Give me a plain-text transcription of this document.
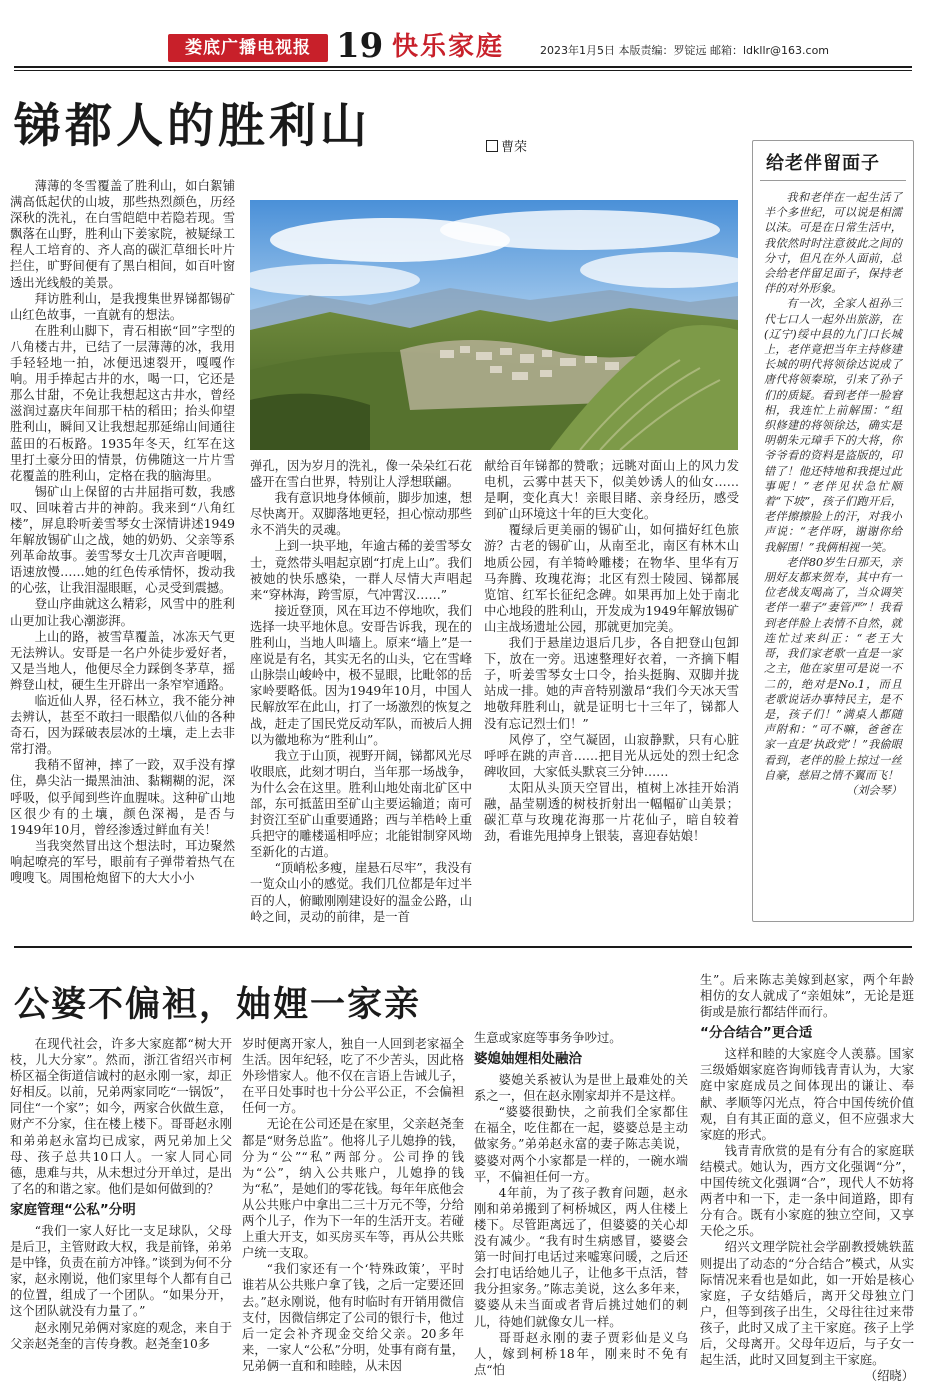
娄底广播电视报 19 快乐家庭	2023年1月5日 本版责编：罗锭远 邮箱：ldkllr@163.com
锑都人的胜利山	曹荣

薄薄的冬雪覆盖了胜利山，如白絮铺满高低起伏的山坡，那些热烈颜色，历经深秋的洗礼，在白雪皑皑中若隐若现。雪飘落在山野，胜利山下姜家院，被疑绿工程人工培育的、齐人高的碳汇草细长叶片拦住，旷野间便有了黑白相间，如百叶窗透出光线般的美景。

拜访胜利山，是我搜集世界锑都锡矿山红色故事，一直就有的想法。

在胜利山脚下，青石相嵌“回”字型的八角楼古井，已结了一层薄薄的冰，我用手轻轻地一拍，冰便迅速裂开，嘎嘎作响。用手捧起古井的水，喝一口，它还是那么甘甜，不免让我想起这古井水，曾经滋润过嘉庆年间那干枯的稻田；抬头仰望胜利山，瞬间又让我想起那延绵山间通往蓝田的石板路。1935年冬天，红军在这里打土豪分田的情景，仿佛随这一片片雪花覆盖的胜利山，定格在我的脑海里。

锡矿山上保留的古井屈指可数，我感叹、回味着古井的神韵。我来到“八角红楼”，屏息聆听姜雪琴女士深情讲述1949年解放锡矿山之战，她的奶奶、父亲等系列革命故事。姜雪琴女士几次声音哽咽，语速放慢……她的红色传承情怀，拨动我的心弦，让我泪湿眼眶，心灵受到震撼。

登山序曲就这么精彩，风雪中的胜利山更加让我心潮澎湃。

上山的路，被雪草覆盖，冰冻天气更无法辨认。安哥是一名户外徒步爱好者，又是当地人，他便尽全力踩倒冬茅草，摇辫登山杖，硬生生开辟出一条窄窄通路。

临近仙人界，径石林立，我不能分神去辨认，甚至不敢扫一眼酷似八仙的各种奇石，因为踩破表层冰的土壤，走上去非常打滑。

我稍不留神，摔了一跤，双手没有撑住，鼻尖沾一撮黑油油、黏糊糊的泥，深呼吸，似乎闻到些许血腥味。这种矿山地区很少有的土壤，颜色深褐，是否与1949年10月，曾经渗透过鲜血有关！

当我突然冒出这个想法时，耳边聚然响起嘹亮的军号，眼前有子弹带着热气在嗖嗖飞。周围枪炮留下的大大小小

弹孔，因为岁月的洗礼，像一朵朵红石花盛开在雪白世界，特别让人浮想联翩。

我有意识地身体倾前，脚步加速，想尽快离开。双脚落地更轻，担心惊动那些永不消失的灵魂。

上到一块平地，年逾古稀的姜雪琴女士，竟然带头唱起京剧“打虎上山”。我们被她的快乐感染，一群人尽情大声唱起来“穿林海，跨雪原，气冲霄汉……”

接近登顶，风在耳边不停地吹，我们选择一块平地休息。安哥告诉我，现在的胜利山，当地人叫墙上。原来“墙上”是一座说是有名，其实无名的山头，它在雪峰山脉崇山峻岭中，极不显眼，比毗邻的岳家岭要略低。因为1949年10月，中国人民解放军在此山，打了一场激烈的恢复之战，赶走了国民党反动军队，而被后人拥以为徽地称为“胜利山”。

我立于山顶，视野开阔，锑都风光尽收眼底，此刻才明白，当年那一场战争，为什么会在这里。胜利山地处南北矿区中部，东可抵蓝田至矿山主要运输道；南可封资江至矿山重要通路；西与羊梏岭上重兵把守的雕楼遥相呼应；北能钳制穿风坳至新化的古道。

“顶峭松多瘦，崖悬石尽牢”，我没有一览众山小的感觉。我们几位都是年过半百的人，俯瞰刚刚建设好的温金公路，山岭之间，灵动的前律，是一首

献给百年锑都的赞歌；远眺对面山上的风力发电机，云雾中甚天下，似美妙诱人的仙女……是啊，变化真大！亲眼目睹、亲身经历，感受到矿山环境这十年的巨大变化。

覆绿后更美丽的锡矿山，如何描好红色旅游？古老的锡矿山，从南至北，南区有林木山地质公园，有羊犄岭雕楼；在物华、里华有万马奔腾、玫瑰花海；北区有烈士陵园、锑都展览馆、红军长征纪念碑。如果再加上处于南北中心地段的胜利山，开发成为1949年解放锡矿山主战场遗址公园，那就更加完美。

我们于悬崖边退后几步，各自把登山包卸下，放在一旁。迅速整理好衣着，一齐摘下帽子，听姜雪琴女士口令，抬头挺胸、双脚并拢站成一排。她的声音特别激昂“我们今天冰天雪地敬拜胜利山，就是证明七十三年了，锑都人没有忘记烈士们！”

风停了，空气凝固，山寂静默，只有心脏呼呼在跳的声音……把目光从远处的烈士纪念碑收回，大家低头默哀三分钟……

太阳从头顶天空冒出，植树上冰挂开始消融，晶莹剔透的树枝折射出一幅幅矿山美景；碳汇草与玫瑰花海那一片花仙子，暗自较着劲，看谁先甩掉身上银装，喜迎春姑娘！

给老伴留面子

我和老伴在一起生活了半个多世纪，可以说是相濡以沫。可是在日常生活中，我依然时时注意彼此之间的分寸，但凡在外人面前，总会给老伴留足面子，保持老伴的对外形象。

有一次，全家人祖孙三代七口人一起外出旅游，在(辽宁)绥中县的九门口长城上，老伴竟把当年主持修建长城的明代将领徐达说成了唐代将领秦琼，引来了孙子们的质疑。看到老伴一脸窘相，我连忙上前解围：“组织修建的将领徐达，确实是明朝朱元璋手下的大将，你爷爷看的资料是盗版的，印错了！他还特地和我提过此事呢！”老伴见状急忙顺着“下坡”，孩子们跑开后，老伴擦擦脸上的汗，对我小声说：“老伴呀，谢谢你给我解围！”我俩相视一笑。

老伴80岁生日那天，亲朋好友都来贺寿，其中有一位老战友喝高了，当众调笑老伴一辈子“妻管严”！我看到老伴脸上表情不自然，就连忙过来纠正：“老王大哥，我们家老歌一直是一家之主，他在家里可是说一不二的，绝对是No.1，而且老歌说话办事特民主，是不是，孩子们！”满桌人都随声附和：“可不嘛，爸爸在家一直是‘执政党’！”我偷眼看到，老伴的脸上掠过一丝自豪，慈眉之情不翼而飞！

（刘会琴）

公婆不偏袒，妯娌一家亲

在现代社会，许多大家庭都“树大开枝，儿大分家”。然而，浙江省绍兴市柯桥区福全街道信诚村的赵永刚一家，却正好相反。以前，兄弟两家同吃“一锅饭”，同住“一个家”；如今，两家合伙做生意，财产不分家，住在楼上楼下。哥哥赵永刚和弟弟赵永富均已成家，两兄弟加上父母、孩子总共10口人。一家人同心同德，患难与共，从未想过分开单过，是出了名的和谐之家。他们是如何做到的？

家庭管理“公私”分明

“我们一家人好比一支足球队，父母是后卫，主管财政大权，我是前锋，弟弟是中锋，负责在前方冲锋。”谈到为何不分家，赵永刚说，他们家里每个人都有自己的位置，组成了一个团队。“如果分开，这个团队就没有力量了。”

赵永刚兄弟俩对家庭的观念，来自于父亲赵尧奎的言传身教。赵尧奎10多

岁时便离开家人，独自一人回到老家福全生活。因年纪轻，吃了不少苦头，因此格外珍惜家人。他不仅在言语上告诫儿子，在平日处事时也十分公平公正，不会偏袒任何一方。

无论在公司还是在家里，父亲赵尧奎都是“财务总监”。他将儿子儿媳挣的钱，分为“公”“私”两部分。公司挣的钱为“公”，纳入公共账户，儿媳挣的钱为“私”，是她们的零花钱。每年年底他会从公共账户中拿出二三十万元不等，分给两个儿子，作为下一年的生活开支。若碰上重大开支，如买房买车等，再从公共账户统一支取。

“我们家还有一个‘特殊政策’，平时谁若从公共账户拿了钱，之后一定要还回去。”赵永刚说，他有时临时有开销用微信支付，因微信绑定了公司的银行卡，他过后一定会补齐现金交给父亲。20多年来，一家人“公私”分明，处事有商有量，兄弟俩一直和和睦睦，从未因

生意或家庭等事务争吵过。

婆媳妯娌相处融洽

婆媳关系被认为是世上最难处的关系之一，但在赵永刚家却并不是这样。

“婆婆很勤快，之前我们全家都住在福全，吃住都在一起，婆婆总是主动做家务。”弟弟赵永富的妻子陈志美说，婆婆对两个小家都是一样的，一碗水端平，不偏袒任何一方。

4年前，为了孩子教育问题，赵永刚和弟弟搬到了柯桥城区，两人住楼上楼下。尽管距离远了，但婆婆的关心却没有减少。“我有时生病感冒，婆婆会第一时间打电话过来嘘寒问暖，之后还会打电话给她儿子，让他多干点活，替我分担家务。”陈志美说，这么多年来，婆婆从未当面或者背后挑过她们的刺儿，待她们就像女儿一样。

哥哥赵永刚的妻子贾彩仙是义乌人，嫁到柯桥18年，刚来时不免有点“怕

生”。后来陈志美嫁到赵家，两个年龄相仿的女人就成了“亲姐妹”，无论是逛街或是旅行都结伴而行。

“分合结合”更合适

这样和睦的大家庭令人羡慕。国家三级婚姻家庭咨询师钱青青认为，大家庭中家庭成员之间体现出的谦让、奉献、孝顺等闪光点，符合中国传统价值观，自有其正面的意义，但不应强求大家庭的形式。

钱青青欣赏的是有分有合的家庭联结模式。她认为，西方文化强调“分”，中国传统文化强调“合”，现代人不妨将两者中和一下，走一条中间道路，即有分有合。既有小家庭的独立空间，又享天伦之乐。

绍兴文理学院社会学副教授姚轶蓝则提出了动态的“分合结合”模式，从实际情况来看也是如此，如一开始是核心家庭，子女结婚后，离开父母独立门户，但等到孩子出生，父母往往过来带孩子，此时又成了主干家庭。孩子上学后，父母离开。父母年迈后，与子女一起生活，此时又回复到主干家庭。

（绍晓）
